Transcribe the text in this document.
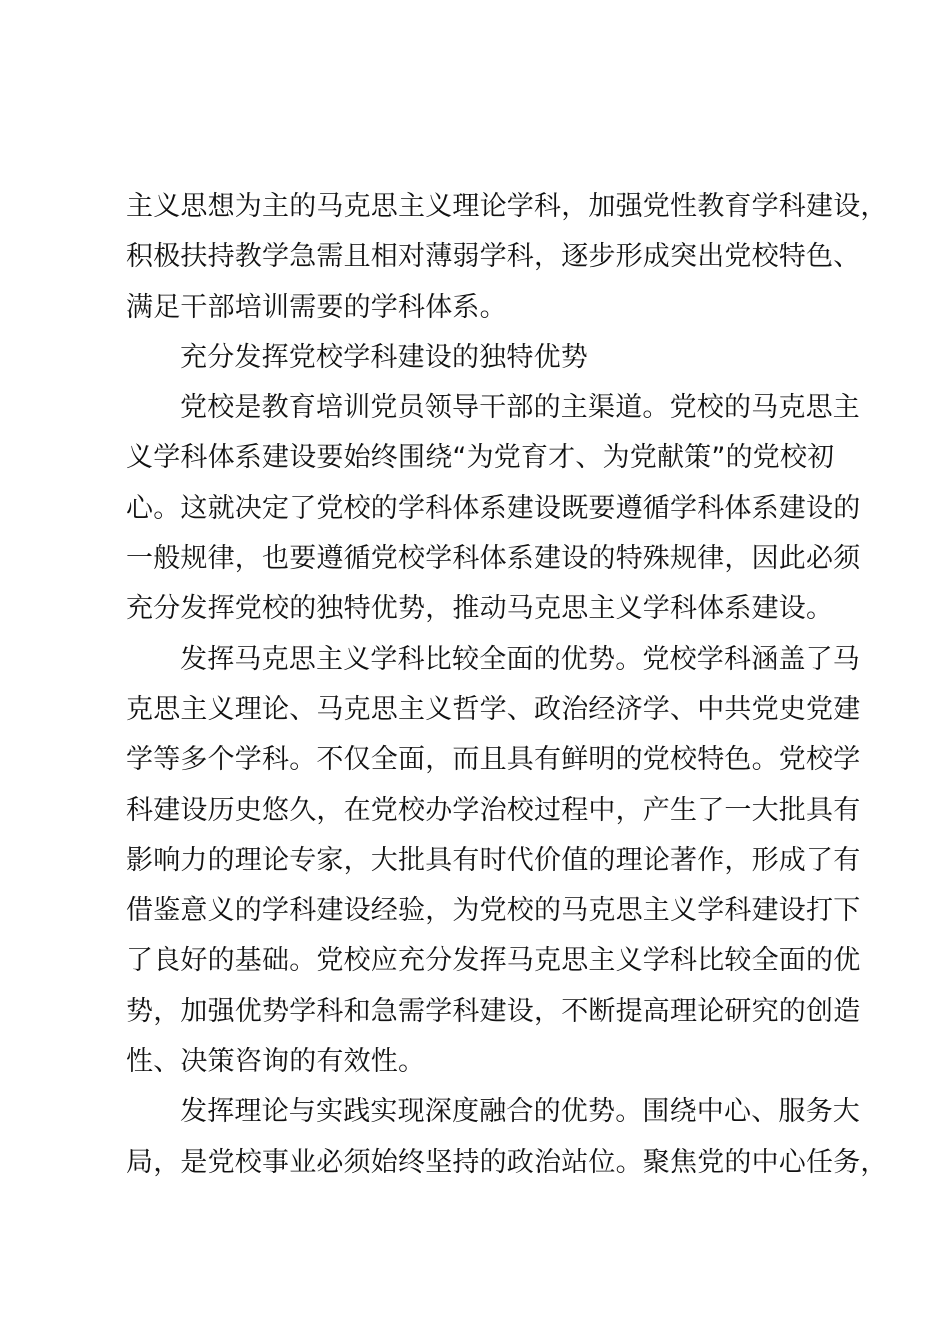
主义思想为主的马克思主义理论学科，加强党性教育学科建设，
积极扶持教学急需且相对薄弱学科，逐步形成突出党校特色、
满足干部培训需要的学科体系。
充分发挥党校学科建设的独特优势
党校是教育培训党员领导干部的主渠道。党校的马克思主
义学科体系建设要始终围绕“为党育才、为党献策”的党校初
心。这就决定了党校的学科体系建设既要遵循学科体系建设的
一般规律，也要遵循党校学科体系建设的特殊规律，因此必须
充分发挥党校的独特优势，推动马克思主义学科体系建设。
发挥马克思主义学科比较全面的优势。党校学科涵盖了马
克思主义理论、马克思主义哲学、政治经济学、中共党史党建
学等多个学科。不仅全面，而且具有鲜明的党校特色。党校学
科建设历史悠久，在党校办学治校过程中，产生了一大批具有
影响力的理论专家，大批具有时代价值的理论著作，形成了有
借鉴意义的学科建设经验，为党校的马克思主义学科建设打下
了良好的基础。党校应充分发挥马克思主义学科比较全面的优
势，加强优势学科和急需学科建设，不断提高理论研究的创造
性、决策咨询的有效性。
发挥理论与实践实现深度融合的优势。围绕中心、服务大
局，是党校事业必须始终坚持的政治站位。聚焦党的中心任务，
